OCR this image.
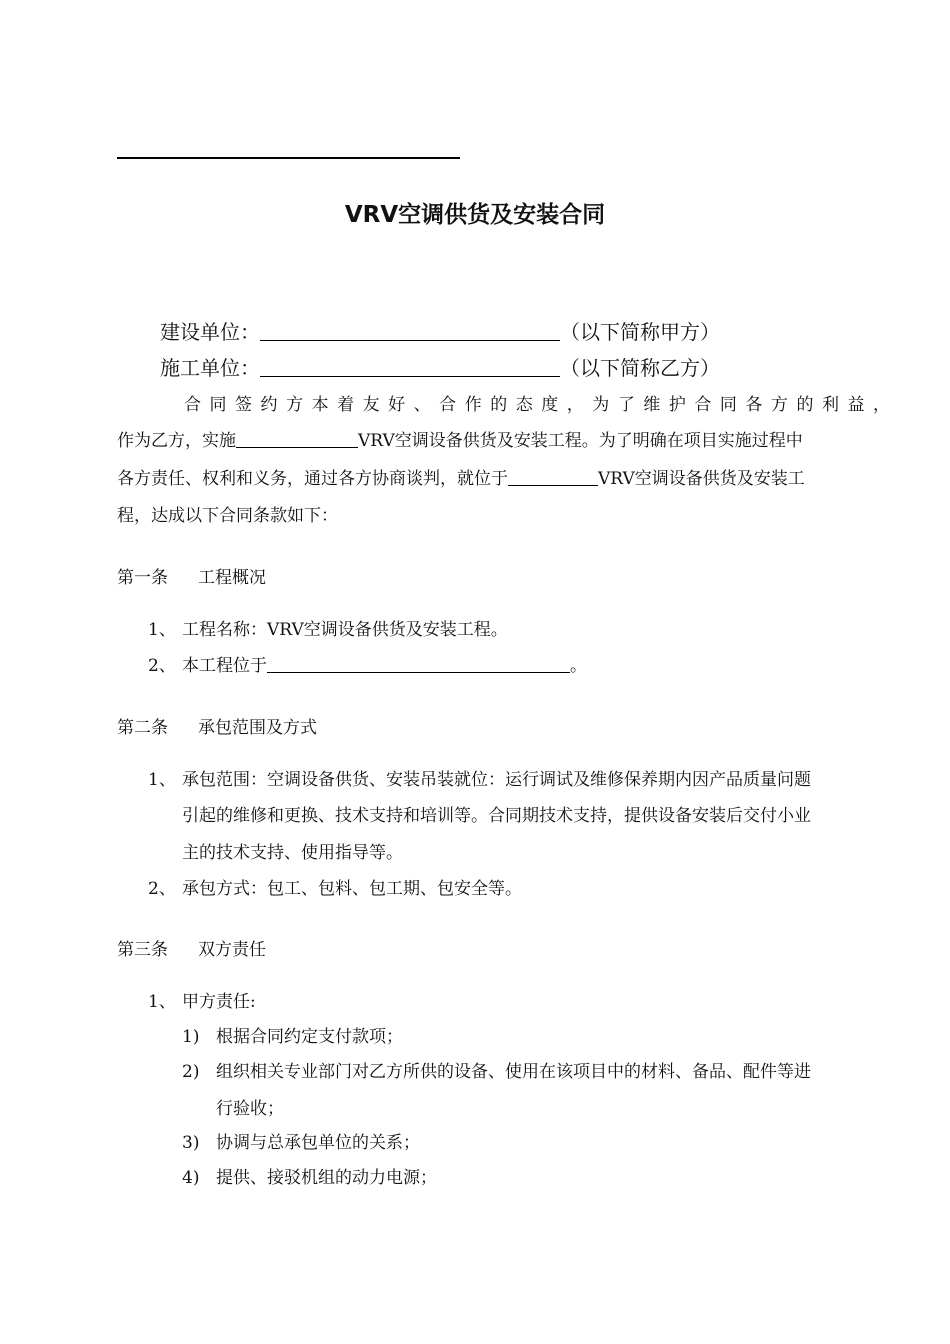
VRV空调供货及安装合同
建设单位：	（以下简称甲方）
施工单位：	（以下简称乙方）
合同签约方本着友好、合作的态度，为了维护合同各方的利益，
作为乙方，实施	VRV空调设备供货及安装工程。为了明确在项目实施过程中
各方责任、权利和义务，通过各方协商谈判，就位于	VRV空调设备供货及安装工
程，达成以下合同条款如下：
第一条 工程概况
1、 工程名称：VRV空调设备供货及安装工程。
2、 本工程位于	。
第二条 承包范围及方式
1、 承包范围：空调设备供货、安装吊装就位：运行调试及维修保养期内因产品质量问题
引起的维修和更换、技术支持和培训等。合同期技术支持，提供设备安装后交付小业
主的技术支持、使用指导等。
2、 承包方式：包工、包料、包工期、包安全等。
第三条 双方责任
1、 甲方责任:
1) 根据合同约定支付款项；
2) 组织相关专业部门对乙方所供的设备、使用在该项目中的材料、备品、配件等进
行验收；
3) 协调与总承包单位的关系；
4) 提供、接驳机组的动力电源；
